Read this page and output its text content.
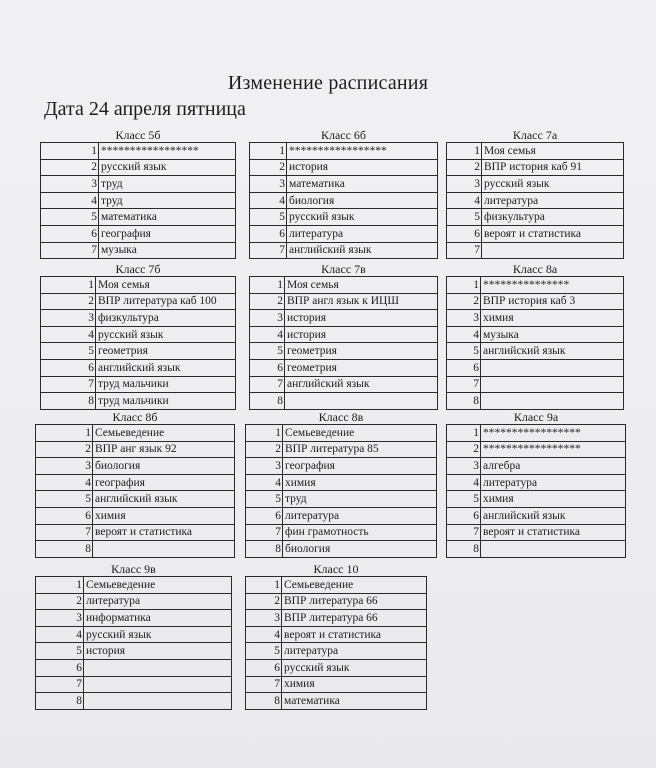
Изменение расписания
Дата 24 апреля пятница
Класс 5б
1	*****************
2	русский язык
3	труд
4	труд
5	математика
6	география
7	музыка
Класс 6б
1	*****************
2	история
3	математика
4	биология
5	русский язык
6	литература
7	английский язык
Класс 7а
1	Моя семья
2	ВПР история каб 91
3	русский язык
4	литература
5	физкультура
6	вероят и статистика
7	
Класс 7б
1	Моя семья
2	ВПР литература каб 100
3	физкультура
4	русский язык
5	геометрия
6	английский язык
7	труд мальчики
8	труд мальчики
Класс 7в
1	Моя семья
2	ВПР англ язык к ИЦШ
3	история
4	история
5	геометрия
6	геометрия
7	английский язык
8	
Класс 8а
1	***************
2	ВПР история каб 3
3	химия
4	музыка
5	английский язык
6	
7	
8	
Класс 8б
1	Семьеведение
2	ВПР анг язык 92
3	биология
4	география
5	английский язык
6	химия
7	вероят и статистика
8	
Класс 8в
1	Семьеведение
2	ВПР литература 85
3	география
4	химия
5	труд
6	литература
7	фин грамотность
8	биология
Класс 9а
1	*****************
2	*****************
3	алгебра
4	литература
5	химия
6	английский язык
7	вероят и статистика
8	
Класс 9в
1	Семьеведение
2	литература
3	информатика
4	русский язык
5	история
6	
7	
8	
Класс 10
1	Семьеведение
2	ВПР литература 66
3	ВПР литература 66
4	вероят и статистика
5	литература
6	русский язык
7	химия
8	математика
